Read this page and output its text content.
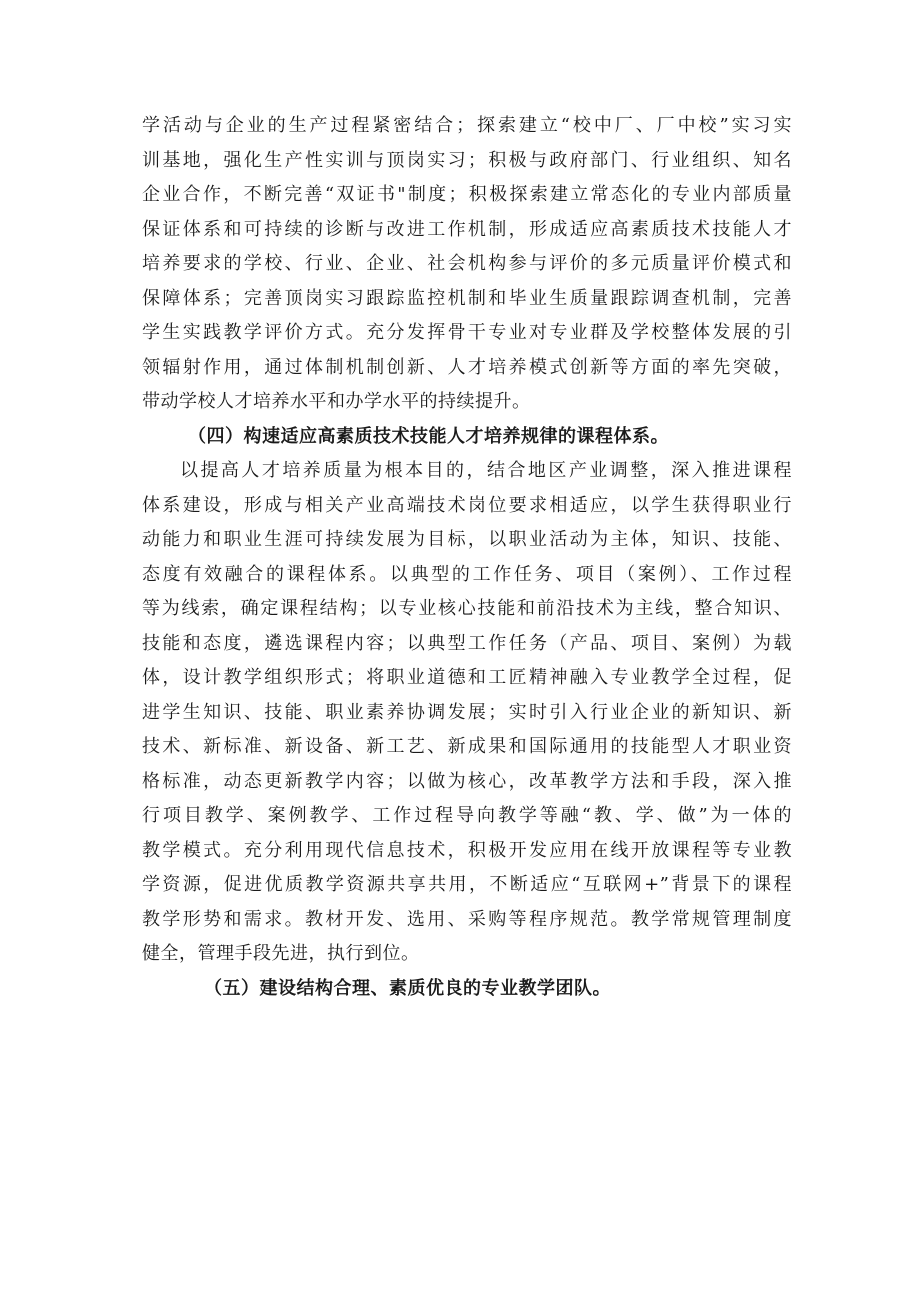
学活动与企业的生产过程紧密结合；探索建立“校中厂、厂中校”实习实
训基地，强化生产性实训与顶岗实习；积极与政府部门、行业组织、知名
企业合作，不断完善“双证书"制度；积极探索建立常态化的专业内部质量
保证体系和可持续的诊断与改进工作机制，形成适应高素质技术技能人才
培养要求的学校、行业、企业、社会机构参与评价的多元质量评价模式和
保障体系；完善顶岗实习跟踪监控机制和毕业生质量跟踪调查机制，完善
学生实践教学评价方式。充分发挥骨干专业对专业群及学校整体发展的引
领辐射作用，通过体制机制创新、人才培养模式创新等方面的率先突破，
带动学校人才培养水平和办学水平的持续提升。
（四）构速适应高素质技术技能人才培养规律的课程体系。
以提高人才培养质量为根本目的，结合地区产业调整，深入推进课程
体系建设，形成与相关产业高端技术岗位要求相适应，以学生获得职业行
动能力和职业生涯可持续发展为目标，以职业活动为主体，知识、技能、
态度有效融合的课程体系。以典型的工作任务、项目（案例）、工作过程
等为线索，确定课程结构；以专业核心技能和前沿技术为主线，整合知识、
技能和态度，遴选课程内容；以典型工作任务（产品、项目、案例）为载
体，设计教学组织形式；将职业道德和工匠精神融入专业教学全过程，促
进学生知识、技能、职业素养协调发展；实时引入行业企业的新知识、新
技术、新标准、新设备、新工艺、新成果和国际通用的技能型人才职业资
格标准，动态更新教学内容；以做为核心，改革教学方法和手段，深入推
行项目教学、案例教学、工作过程导向教学等融“教、学、做”为一体的
教学模式。充分利用现代信息技术，积极开发应用在线开放课程等专业教
学资源，促进优质教学资源共享共用，不断适应“互联网+”背景下的课程
教学形势和需求。教材开发、选用、采购等程序规范。教学常规管理制度
健全，管理手段先进，执行到位。
（五）建设结构合理、素质优良的专业教学团队。
